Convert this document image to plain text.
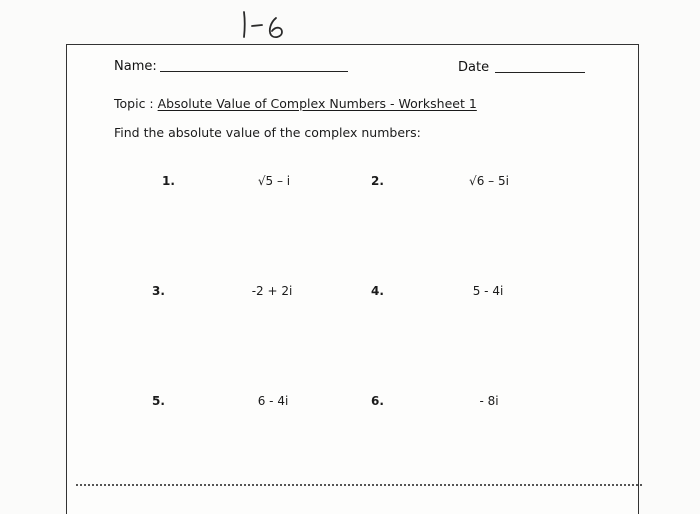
Name:	Date
Topic : Absolute Value of Complex Numbers - Worksheet 1
Find the absolute value of the complex numbers:
1.	√5 – i	2.	√6 – 5i
3.	-2 + 2i	4.	5 - 4i
5.	6 - 4i	6.	- 8i
